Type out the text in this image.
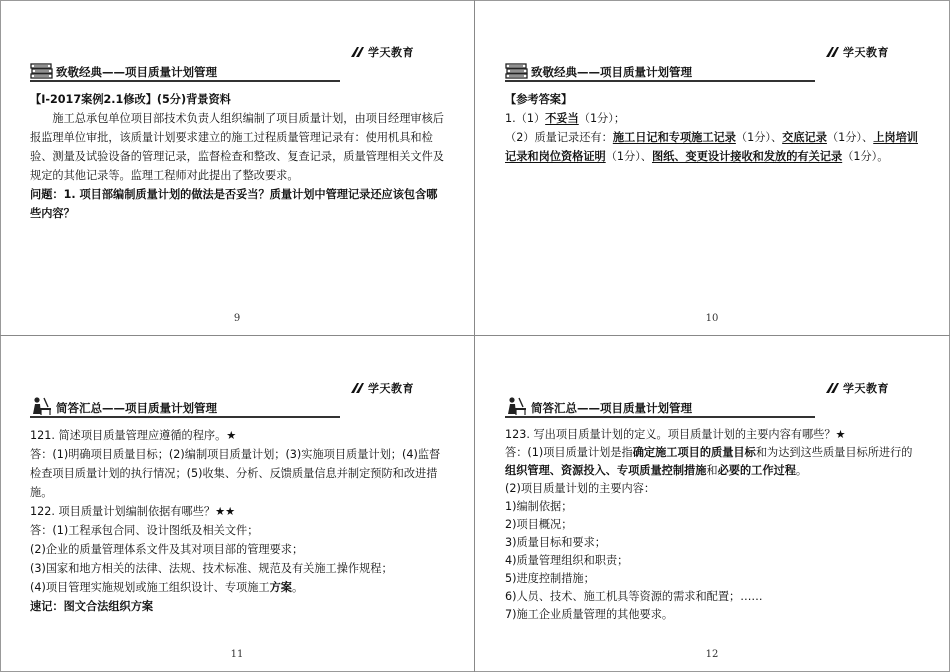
学天教育
致敬经典——项目质量计划管理

【Ⅰ-2017案例2.1修改】(5分)背景资料

施工总承包单位项目部技术负责人组织编制了项目质量计划，由项目经理审核后报监理单位审批，该质量计划要求建立的施工过程质量管理记录有：使用机具和检验、测量及试验设备的管理记录，监督检查和整改、复查记录，质量管理相关文件及规定的其他记录等。监理工程师对此提出了整改要求。

问题：1. 项目部编制质量计划的做法是否妥当？质量计划中管理记录还应该包含哪些内容？

9
学天教育
致敬经典——项目质量计划管理

【参考答案】

1.（1）不妥当（1分）；

（2）质量记录还有：施工日记和专项施工记录（1分）、交底记录（1分）、上岗培训记录和岗位资格证明（1分）、图纸、变更设计接收和发放的有关记录（1分）。

10
学天教育
简答汇总——项目质量计划管理

121. 简述项目质量管理应遵循的程序。★

答：(1)明确项目质量目标；(2)编制项目质量计划；(3)实施项目质量计划；(4)监督检查项目质量计划的执行情况；(5)收集、分析、反馈质量信息并制定预防和改进措施。

122. 项目质量计划编制依据有哪些？★★

答：(1)工程承包合同、设计图纸及相关文件；

(2)企业的质量管理体系文件及其对项目部的管理要求；

(3)国家和地方相关的法律、法规、技术标准、规范及有关施工操作规程；

(4)项目管理实施规划或施工组织设计、专项施工方案。

速记：图文合法组织方案

11
学天教育
简答汇总——项目质量计划管理

123. 写出项目质量计划的定义。项目质量计划的主要内容有哪些？★

答：(1)项目质量计划是指确定施工项目的质量目标和为达到这些质量目标所进行的组织管理、资源投入、专项质量控制措施和必要的工作过程。

(2)项目质量计划的主要内容：

1)编制依据；

2)项目概况；

3)质量目标和要求；

4)质量管理组织和职责；

5)进度控制措施；

6)人员、技术、施工机具等资源的需求和配置；……

7)施工企业质量管理的其他要求。

12
